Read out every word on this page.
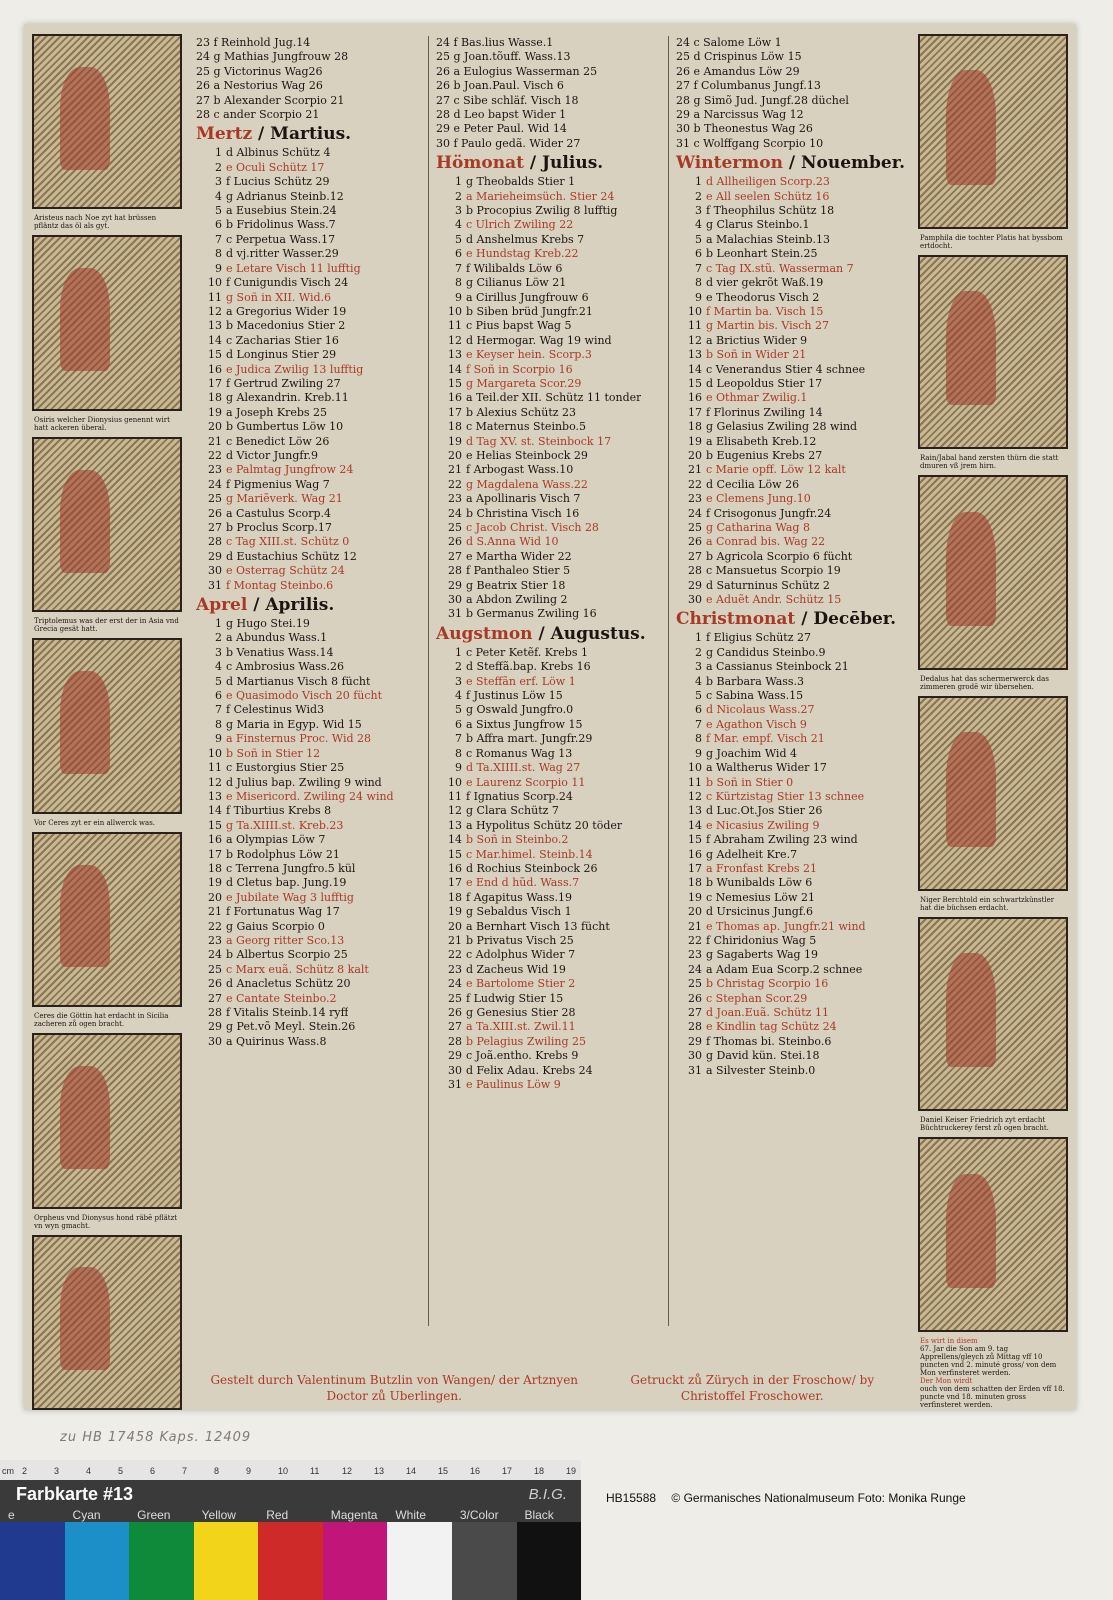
Aristeus nach Noe zyt hat brüssen pfläntz das öl als gyt.
Osiris welcher Dionysius genennt wirt hatt ackeren überal.
Triptolemus was der erst der in Asia vnd Grecia gesät hatt.
Vor Ceres zyt er ein allwerck was.
Ceres die Göttin hat erdacht in Sicilia zacheren zů ogen bracht.
Orpheus vnd Dionysus hond räbē pflätzt vn wyn gmacht.
23 f Reinhold Jug.14
24 g Mathias Jungfrouw 28
25 g Victorinus Wag26
26 a Nestorius Wag 26
27 b Alexander Scorpio 21
28 c ander Scorpio 21
Mertz / Martius.
1 d Albinus Schütz 4
2 e Oculi Schütz 17
3 f Lucius Schütz 29
4 g Adrianus Steinb.12
5 a Eusebius Stein.24
6 b Fridolinus Wass.7
7 c Perpetua Wass.17
8 d vj.ritter Wasser.29
9 e Letare Visch 11 lufftig
10 f Cunigundis Visch 24
11 g Soñ in XII. Wid.6
12 a Gregorius Wider 19
13 b Macedonius Stier 2
14 c Zacharias Stier 16
15 d Longinus Stier 29
16 e Judica Zwilig 13 lufftig
17 f Gertrud Zwiling 27
18 g Alexandrin. Kreb.11
19 a Joseph Krebs 25
20 b Gumbertus Löw 10
21 c Benedict Löw 26
22 d Victor Jungfr.9
23 e Palmtag Jungfrow 24
24 f Pigmenius Wag 7
25 g Mariẽverk. Wag 21
26 a Castulus Scorp.4
27 b Proclus Scorp.17
28 c Tag XIII.st. Schütz 0
29 d Eustachius Schütz 12
30 e Osterrag Schütz 24
31 f Montag Steinbo.6
Aprel / Aprilis.
1 g Hugo Stei.19
2 a Abundus Wass.1
3 b Venatius Wass.14
4 c Ambrosius Wass.26
5 d Martianus Visch 8 fücht
6 e Quasimodo Visch 20 fücht
7 f Celestinus Wid3
8 g Maria in Egyp. Wid 15
9 a Finsternus Proc. Wid 28
10 b Soñ in Stier 12
11 c Eustorgius Stier 25
12 d Julius bap. Zwiling 9 wind
13 e Misericord. Zwiling 24 wind
14 f Tiburtius Krebs 8
15 g Ta.XIIII.st. Kreb.23
16 a Olympias Löw 7
17 b Rodolphus Löw 21
18 c Terrena Jungfro.5 kül
19 d Cletus bap. Jung.19
20 e Jubilate Wag 3 lufftig
21 f Fortunatus Wag 17
22 g Gaius Scorpio 0
23 a Georg ritter Sco.13
24 b Albertus Scorpio 25
25 c Marx euã. Schütz 8 kalt
26 d Anacletus Schütz 20
27 e Cantate Steinbo.2
28 f Vitalis Steinb.14 ryff
29 g Pet.võ Meyl. Stein.26
30 a Quirinus Wass.8
24 f Bas.lius Wasse.1
25 g Joan.tõuff. Wass.13
26 a Eulogius Wasserman 25
26 b Joan.Paul. Visch 6
27 c Sibe schläf. Visch 18
28 d Leo bapst Wider 1
29 e Peter Paul. Wid 14
30 f Paulo gedã. Wider 27
Hömonat / Julius.
1 g Theobalds Stier 1
2 a Marieheimsüch. Stier 24
3 b Procopius Zwilig 8 lufftig
4 c Ulrich Zwiling 22
5 d Anshelmus Krebs 7
6 e Hundstag Kreb.22
7 f Wilibalds Löw 6
8 g Cilianus Löw 21
9 a Cirillus Jungfrouw 6
10 b Siben brüd Jungfr.21
11 c Pius bapst Wag 5
12 d Hermogar. Wag 19 wind
13 e Keyser hein. Scorp.3
14 f Soñ in Scorpio 16
15 g Margareta Scor.29
16 a Teil.der XII. Schütz 11 tonder
17 b Alexius Schütz 23
18 c Maternus Steinbo.5
19 d Tag XV. st. Steinbock 17
20 e Helias Steinbock 29
21 f Arbogast Wass.10
22 g Magdalena Wass.22
23 a Apollinaris Visch 7
24 b Christina Visch 16
25 c Jacob Christ. Visch 28
26 d S.Anna Wid 10
27 e Martha Wider 22
28 f Panthaleo Stier 5
29 g Beatrix Stier 18
30 a Abdon Zwiling 2
31 b Germanus Zwiling 16
Augstmon / Augustus.
1 c Peter Ketẽf. Krebs 1
2 d Steffã.bap. Krebs 16
3 e Steffãn erf. Löw 1
4 f Justinus Löw 15
5 g Oswald Jungfro.0
6 a Sixtus Jungfrow 15
7 b Affra mart. Jungfr.29
8 c Romanus Wag 13
9 d Ta.XIIII.st. Wag 27
10 e Laurenz Scorpio 11
11 f Ignatius Scorp.24
12 g Clara Schütz 7
13 a Hypolitus Schütz 20 töder
14 b Soñ in Steinbo.2
15 c Mar.himel. Steinb.14
16 d Rochius Steinbock 26
17 e End d hũd. Wass.7
18 f Agapitus Wass.19
19 g Sebaldus Visch 1
20 a Bernhart Visch 13 fücht
21 b Privatus Visch 25
22 c Adolphus Wider 7
23 d Zacheus Wid 19
24 e Bartolome Stier 2
25 f Ludwig Stier 15
26 g Genesius Stier 28
27 a Ta.XIII.st. Zwil.11
28 b Pelagius Zwiling 25
29 c Joã.entho. Krebs 9
30 d Felix Adau. Krebs 24
31 e Paulinus Löw 9
24 c Salome Löw 1
25 d Crispinus Löw 15
26 e Amandus Löw 29
27 f Columbanus Jungf.13
28 g Simõ Jud. Jungf.28 düchel
29 a Narcissus Wag 12
30 b Theonestus Wag 26
31 c Wolffgang Scorpio 10
Wintermon / Nouember.
1 d Allheiligen Scorp.23
2 e All seelen Schütz 16
3 f Theophilus Schütz 18
4 g Clarus Steinbo.1
5 a Malachias Steinb.13
6 b Leonhart Stein.25
7 c Tag IX.stũ. Wasserman 7
8 d vier gekrõt Waß.19
9 e Theodorus Visch 2
10 f Martin ba. Visch 15
11 g Martin bis. Visch 27
12 a Brictius Wider 9
13 b Soñ in Wider 21
14 c Venerandus Stier 4 schnee
15 d Leopoldus Stier 17
16 e Othmar Zwilig.1
17 f Florinus Zwiling 14
18 g Gelasius Zwiling 28 wind
19 a Elisabeth Kreb.12
20 b Eugenius Krebs 27
21 c Marie opff. Löw 12 kalt
22 d Cecilia Löw 26
23 e Clemens Jung.10
24 f Crisogonus Jungfr.24
25 g Catharina Wag 8
26 a Conrad bis. Wag 22
27 b Agricola Scorpio 6 fücht
28 c Mansuetus Scorpio 19
29 d Saturninus Schütz 2
30 e Aduẽt Andr. Schütz 15
Christmonat / Decēber.
1 f Eligius Schütz 27
2 g Candidus Steinbo.9
3 a Cassianus Steinbock 21
4 b Barbara Wass.3
5 c Sabina Wass.15
6 d Nicolaus Wass.27
7 e Agathon Visch 9
8 f Mar. empf. Visch 21
9 g Joachim Wid 4
10 a Waltherus Wider 17
11 b Soñ in Stier 0
12 c Kürtzistag Stier 13 schnee
13 d Luc.Ot.Jos Stier 26
14 e Nicasius Zwiling 9
15 f Abraham Zwiling 23 wind
16 g Adelheit Kre.7
17 a Fronfast Krebs 21
18 b Wunibalds Löw 6
19 c Nemesius Löw 21
20 d Ursicinus Jungf.6
21 e Thomas ap. Jungfr.21 wind
22 f Chiridonius Wag 5
23 g Sagaberts Wag 19
24 a Adam Eua Scorp.2 schnee
25 b Christag Scorpio 16
26 c Stephan Scor.29
27 d Joan.Euã. Schütz 11
28 e Kindlin tag Schütz 24
29 f Thomas bi. Steinbo.6
30 g David kün. Stei.18
31 a Silvester Steinb.0
Pamphila die tochter Platis hat byssbom ertdocht.
Rain/Jabal hand zersten thürn die statt dmuren vß jrem hirn.
Dedalus hat das schermerwerck das zimmeren grodē wir übersehen.
Niger Berchtold ein schwartzkünstler hat die büchsen erdacht.
Daniel Keiser Friedrich zyt erdacht Büchtruckerey ferst zů ogen bracht.
Es wirt in disem
67. Jar die Son am 9. tag Apprellens/gleych zů Mittag vff 10 puncten vnd 2. minuté gross/ von dem Mon verfinsteret werden.
Der Mon wirdt
ouch von dem schatten der Erden vff 18. puncte vnd 18. minuten gross verfinsteret werden.
Gestelt durch Valentinum Butzlin von Wangen/ der Artznyen Doctor zů Uberlingen.
Getruckt zů Zürych in der Froschow/ by Christoffel Froschower.
zu HB 17458 Kaps. 12409
cm 2	3	4	5	6	7	8	9	10 11	12 13 14 15 16 17 18 19
Farbkarte #13	B.I.G.
e	Cyan	Green	Yellow	Red	Magenta White	3/Color Black
HB15588 © Germanisches Nationalmuseum Foto: Monika Runge
